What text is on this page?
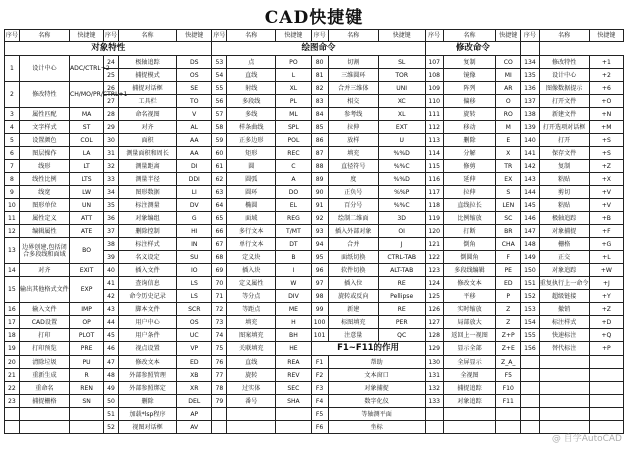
CAD快捷键
序号	名称	快捷键	序号	名称	快捷键	序号	名称	快捷键	序号	名称	快捷键	序号	名称	快捷键	序号	名称	快捷键
对象特性						绘图命令						修改命令					
1	设计中心	ADC/CTRL+2	24	极轴追踪	DS	53	点	PO	80	切割	SL	107	复制	CO	134	修改特性	+1
			25	捕捉模式	OS	54	直线	L	81	三维圆环	TOR	108	镜像	MI	135	设计中心	+2
2	修改特性	CH/MO/PR/CTRL+1	26	捕捉对话框	SE	55	射线	XL	82	合并三维体	UNI	109	阵列	AR	136	图像数据提示	+6
			27	工具栏	TO	56	多段线	PL	83	相交	XC	110	偏移	O	137	打开文件	+O
3	属性匹配	MA	28	命名视图	V	57	多线	ML	84	参考线	XL	111	旋转	RO	138	新建文件	+N
4	文字样式	ST	29	对齐	AL	58	样条曲线	SPL	85	拉伸	EXT	112	移动	M	139	打开选项对话框	+M
5	设置颜色	COL	30	面积	AA	59	正多边形	POL	86	放样	U	113	删除	E	140	打开	+S
6	图层操作	LA	31	测量面积和周长	AA	60	矩形	REC	87	填充	%%D	114	分解	X	141	保存文件	+S
7	线形	LT	32	测量距离	DI	61	圆	C	88	直径符号	%%C	115	修剪	TR	142	复制	+Z
8	线性比例	LTS	33	测量半径	DDI	62	圆弧	A	89	度	%%D	116	延伸	EX	143	粘贴	+X
9	线宽	LW	34	图形数据	LI	63	圆环	DO	90	正负号	%%P	117	拉伸	S	144	剪切	+V
10	图形单位	UN	35	标注测量	DV	64	椭圆	EL	91	百分号	%%C	118	直线拉长	LEN	145	粘贴	+V
11	属性定义	ATT	36	对象编组	G	65	面域	REG	92	绘制二维面	3D	119	比例缩放	SC	146	极轴追踪	+B
12	编辑属性	ATE	37	删除控制	HI	66	多行文本	T/MT	93	插入外部对象	OI	120	打断	BR	147	对象捕捉	+F
13	边界创建,包括闭合多段线和面域	BO	38	标注样式	IN	67	单行文本	DT	94	合并	J	121	倒角	CHA	148	栅格	+G
			39	名义设定	SU	68	定义块	B	95	面纸切换	CTRL-TAB	122	倒圆角	F	149	正交	+L
14	对齐	EXIT	40	插入文件	IO	69	插入块	I	96	软件切换	ALT-TAB	123	多段线编辑	PE	150	对象追踪	+W
15	输出其他格式文件	EXP	41	查询信息	LS	70	定义属性	W	97	插入位	RE	124	修改文本	ED	151	重复执行上一命令	+J
			42	命令历史记录	LS	71	等分点	DIV	98	旋转或反向	Pellipse	125	平移	P	152	超级链接	+Y
16	输入文件	IMP	43	脚本文件	SCR	72	等距点	ME	99	新建	RE	126	实时缩放	Z	153	撤销	+Z
17	CAD设置	OP	44	用户中心	OS	73	填充	H	100	标图填充	PER	127	局部放大	Z	154	标注样式	+D
18	打印	PLOT	45	用户条件	UC	74	图案填充	BH	101	注意量	QC	128	返回上一视图	Z+P	155	快速标注	+Q
19	打印预览	PRE	46	视点设置	VP	75	关联填充	HE	F1~F11的作用			129	显示全部	Z+E	156	替代标注	+P
20	清除垃圾	PU	47	修改文本	ED	76	直线	REA	F1	帮助		130	全屏显示	Z_A_			
21	重新生成	R	48	外部参照管理	XB	77	旋转	REV	F2	文本窗口		131	全视图	F5			
22	重命名	REN	49	外部参照绑定	XR	78	过实体	SEC	F3	对象捕捉		132	捕捉追踪	F10			
23	捕捉栅格	SN	50	删除	DEL	79	番号	SHA	F4	数字化仪		133	对象追踪	F11			
			51	加载*lsp程序	AP				F5	等轴测平面							
			52	视图对话框	AV				F6	坐标							
@ 自学AutoCAD
